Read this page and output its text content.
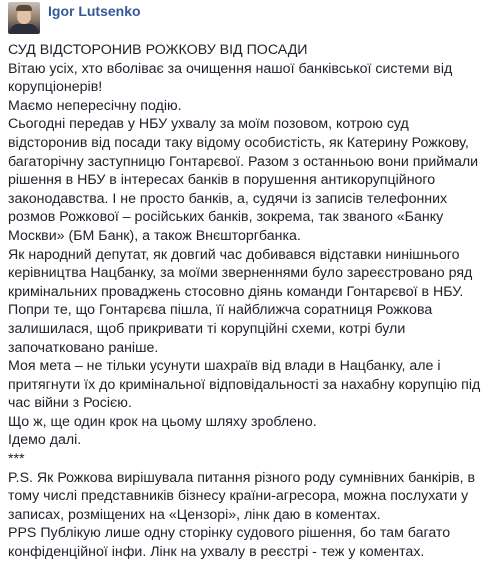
Igor Lutsenko

СУД ВІДСТОРОНИВ РОЖКОВУ ВІД ПОСАДИ

Вітаю усіх, хто вболіває за очищення нашої банківської системи від корупціонерів!

Маємо непересічну подію.

Сьогодні передав у НБУ ухвалу за моїм позовом, котрою суд відсторонив від посади таку відому особистість, як Катерину Рожкову, багаторічну заступницю Гонтарєвої. Разом з останньою вони приймали рішення в НБУ в інтересах банків в порушення антикорупційного законодавства. І не просто банків, а, судячи із записів телефонних розмов Рожкової – російських банків, зокрема, так званого «Банку Москви» (БМ Банк), а також Внєшторгбанка.

Як народний депутат, як довгий час добивався відставки нинішнього керівництва Нацбанку, за моїми зверненнями було зареєстровано ряд кримінальних проваджень стосовно діянь команди Гонтарєвої в НБУ.

Попри те, що Гонтарєва пішла, її найближча соратниця Рожкова залишилася, щоб прикривати ті корупційні схеми, котрі були започатковано раніше.

Моя мета – не тільки усунути шахраїв від влади в Нацбанку, але і притягнути їх до кримінальної відповідальності за нахабну корупцію під час війни з Росією.

Що ж, ще один крок на цьому шляху зроблено.

Ідемо далі.

***

P.S. Як Рожкова вирішувала питання різного роду сумнівних банкірів, в тому числі представників бізнесу країни-агресора, можна послухати у записах, розміщених на «Цензорі», лінк даю в коментах.

PPS Публікую лише одну сторінку судового рішення, бо там багато конфіденційної інфи. Лінк на ухвалу в реєстрі - теж у коментах.
